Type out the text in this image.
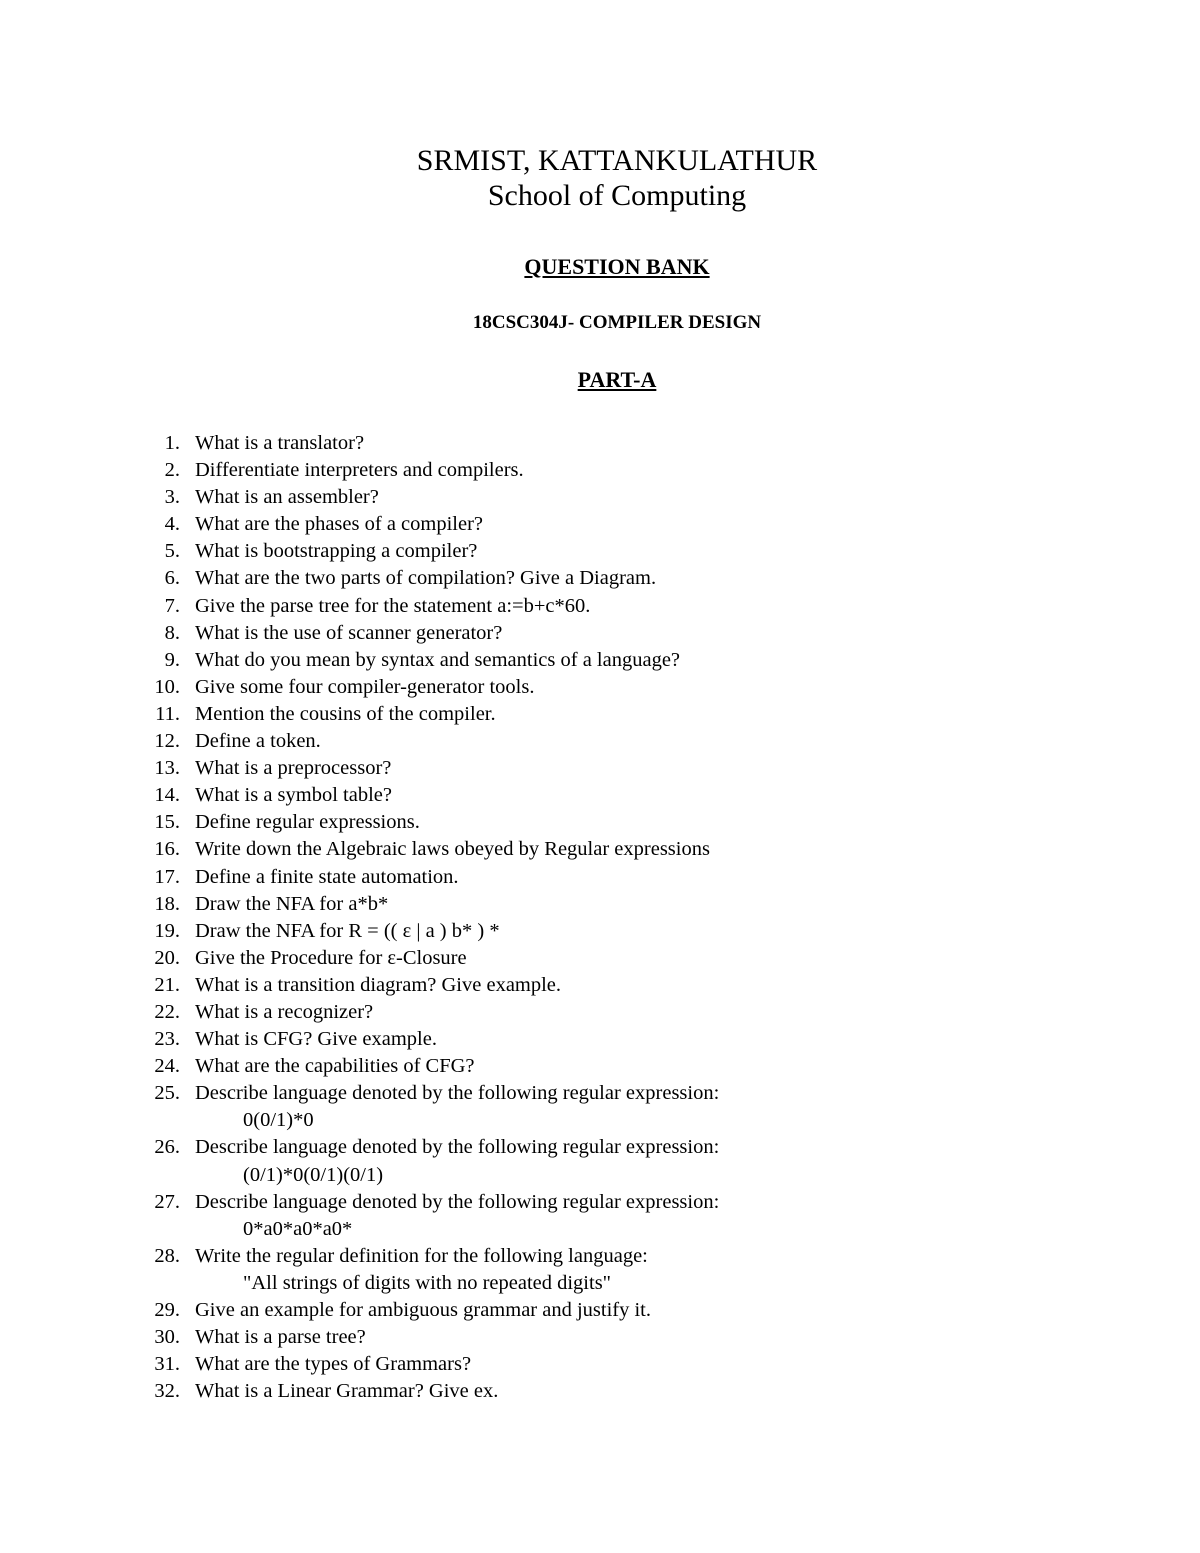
SRMIST, KATTANKULATHUR
School of Computing
QUESTION BANK
18CSC304J- COMPILER DESIGN
PART-A
1. What is a translator?
2. Differentiate interpreters and compilers.
3. What is an assembler?
4. What are the phases of a compiler?
5. What is bootstrapping a compiler?
6. What are the two parts of compilation? Give a Diagram.
7. Give the parse tree for the statement a:=b+c*60.
8. What is the use of scanner generator?
9. What do you mean by syntax and semantics of a language?
10. Give some four compiler-generator tools.
11. Mention the cousins of the compiler.
12. Define a token.
13. What is a preprocessor?
14. What is a symbol table?
15. Define regular expressions.
16. Write down the Algebraic laws obeyed by Regular expressions
17. Define a finite state automation.
18. Draw the NFA for a*b*
19. Draw the NFA for R = (( ε | a ) b* ) *
20. Give the Procedure for ε-Closure
21. What is a transition diagram? Give example.
22. What is a recognizer?
23. What is CFG? Give example.
24. What are the capabilities of CFG?
25. Describe language denoted by the following regular expression:
0(0/1)*0
26. Describe language denoted by the following regular expression:
(0/1)*0(0/1)(0/1)
27. Describe language denoted by the following regular expression:
0*a0*a0*a0*
28. Write the regular definition for the following language:
"All strings of digits with no repeated digits"
29. Give an example for ambiguous grammar and justify it.
30. What is a parse tree?
31. What are the types of Grammars?
32. What is a Linear Grammar? Give ex.
